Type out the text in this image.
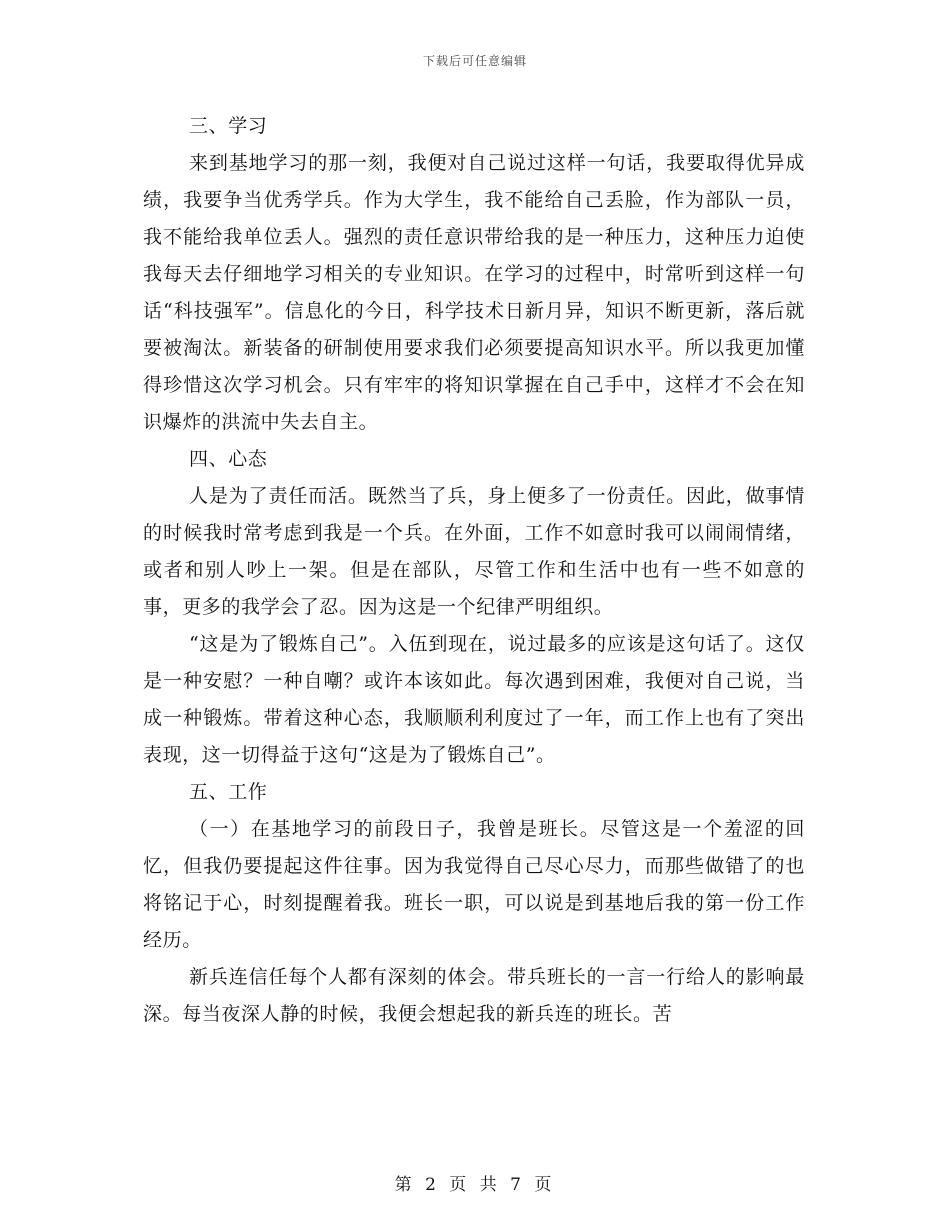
下载后可任意编辑

三、学习

来到基地学习的那一刻，我便对自己说过这样一句话，我要取得优异成绩，我要争当优秀学兵。作为大学生，我不能给自己丢脸，作为部队一员，我不能给我单位丢人。强烈的责任意识带给我的是一种压力，这种压力迫使我每天去仔细地学习相关的专业知识。在学习的过程中，时常听到这样一句话“科技强军”。信息化的今日，科学技术日新月异，知识不断更新，落后就要被淘汰。新装备的研制使用要求我们必须要提高知识水平。所以我更加懂得珍惜这次学习机会。只有牢牢的将知识掌握在自己手中，这样才不会在知识爆炸的洪流中失去自主。

四、心态

人是为了责任而活。既然当了兵，身上便多了一份责任。因此，做事情的时候我时常考虑到我是一个兵。在外面，工作不如意时我可以闹闹情绪，或者和别人吵上一架。但是在部队，尽管工作和生活中也有一些不如意的事，更多的我学会了忍。因为这是一个纪律严明组织。

“这是为了锻炼自己”。入伍到现在，说过最多的应该是这句话了。这仅是一种安慰？一种自嘲？或许本该如此。每次遇到困难，我便对自己说，当成一种锻炼。带着这种心态，我顺顺利利度过了一年，而工作上也有了突出表现，这一切得益于这句“这是为了锻炼自己”。

五、工作

（一）在基地学习的前段日子，我曾是班长。尽管这是一个羞涩的回忆，但我仍要提起这件往事。因为我觉得自己尽心尽力，而那些做错了的也将铭记于心，时刻提醒着我。班长一职，可以说是到基地后我的第一份工作经历。

新兵连信任每个人都有深刻的体会。带兵班长的一言一行给人的影响最深。每当夜深人静的时候，我便会想起我的新兵连的班长。苦

第 2 页 共 7 页
